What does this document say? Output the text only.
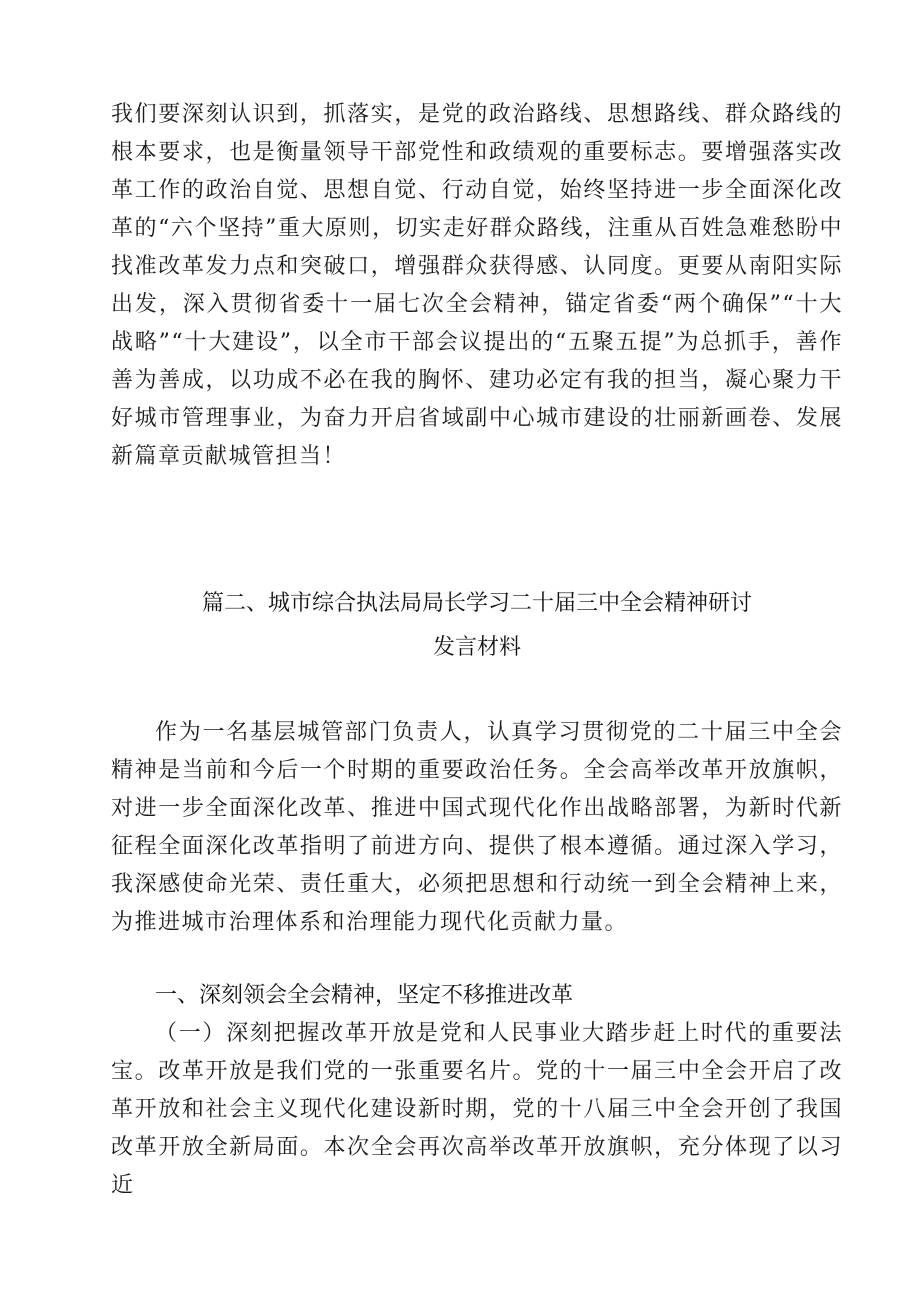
我们要深刻认识到，抓落实，是党的政治路线、思想路线、群众路线的根本要求，也是衡量领导干部党性和政绩观的重要标志。要增强落实改革工作的政治自觉、思想自觉、行动自觉，始终坚持进一步全面深化改革的“六个坚持”重大原则，切实走好群众路线，注重从百姓急难愁盼中找准改革发力点和突破口，增强群众获得感、认同度。更要从南阳实际出发，深入贯彻省委十一届七次全会精神，锚定省委“两个确保”“十大战略”“十大建设”，以全市干部会议提出的“五聚五提”为总抓手，善作善为善成，以功成不必在我的胸怀、建功必定有我的担当，凝心聚力干好城市管理事业，为奋力开启省域副中心城市建设的壮丽新画卷、发展新篇章贡献城管担当！

篇二、城市综合执法局局长学习二十届三中全会精神研讨
发言材料

作为一名基层城管部门负责人，认真学习贯彻党的二十届三中全会精神是当前和今后一个时期的重要政治任务。全会高举改革开放旗帜，对进一步全面深化改革、推进中国式现代化作出战略部署，为新时代新征程全面深化改革指明了前进方向、提供了根本遵循。通过深入学习，我深感使命光荣、责任重大，必须把思想和行动统一到全会精神上来，为推进城市治理体系和治理能力现代化贡献力量。

一、深刻领会全会精神，坚定不移推进改革

（一）深刻把握改革开放是党和人民事业大踏步赶上时代的重要法宝。改革开放是我们党的一张重要名片。党的十一届三中全会开启了改革开放和社会主义现代化建设新时期，党的十八届三中全会开创了我国改革开放全新局面。本次全会再次高举改革开放旗帜，充分体现了以习近
